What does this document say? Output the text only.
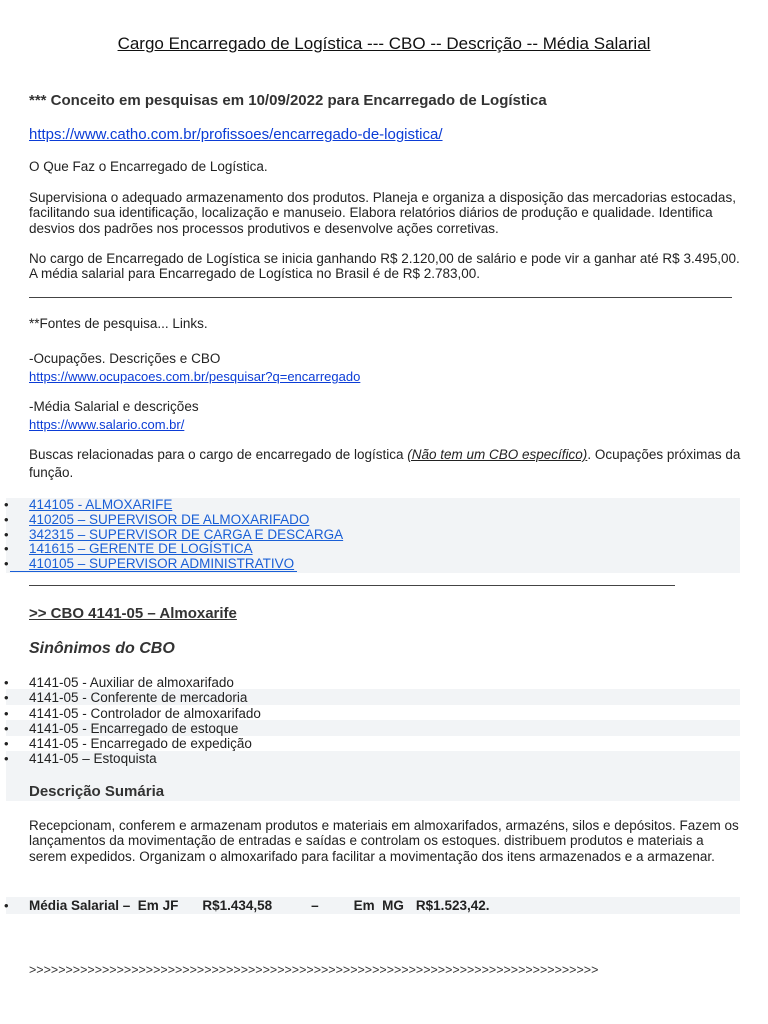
Cargo Encarregado de Logística --- CBO -- Descrição -- Média Salarial
*** Conceito em pesquisas em 10/09/2022 para Encarregado de Logística
https://www.catho.com.br/profissoes/encarregado-de-logistica/
O Que Faz o Encarregado de Logística.
Supervisiona o adequado armazenamento dos produtos. Planeja e organiza a disposição das mercadorias estocadas, facilitando sua identificação, localização e manuseio. Elabora relatórios diários de produção e qualidade. Identifica desvios dos padrões nos processos produtivos e desenvolve ações corretivas.
No cargo de Encarregado de Logística se inicia ganhando R$ 2.120,00 de salário e pode vir a ganhar até R$ 3.495,00. A média salarial para Encarregado de Logística no Brasil é de R$ 2.783,00.
**Fontes de pesquisa... Links.
-Ocupações. Descrições e CBO
https://www.ocupacoes.com.br/pesquisar?q=encarregado
-Média Salarial e descrições
https://www.salario.com.br/
Buscas relacionadas para o cargo de encarregado de logística (Não tem um CBO específico). Ocupações próximas da função.
• 414105 - ALMOXARIFE
• 410205 – SUPERVISOR DE ALMOXARIFADO
• 342315 – SUPERVISOR DE CARGA E DESCARGA
• 141615 – GERENTE DE LOGÍSTICA
• 410105 – SUPERVISOR ADMINISTRATIVO
>> CBO 4141-05 – Almoxarife
Sinônimos do CBO
• 4141-05 - Auxiliar de almoxarifado
• 4141-05 - Conferente de mercadoria
• 4141-05 - Controlador de almoxarifado
• 4141-05 - Encarregado de estoque
• 4141-05 - Encarregado de expedição
• 4141-05 – Estoquista
Descrição Sumária
Recepcionam, conferem e armazenam produtos e materiais em almoxarifados, armazéns, silos e depósitos. Fazem os lançamentos da movimentação de entradas e saídas e controlam os estoques. distribuem produtos e materiais a serem expedidos. Organizam o almoxarifado para facilitar a movimentação dos itens armazenados e a armazenar.
• Média Salarial –  Em JF R$1.434,58	–	Em  MG R$1.523,42.
>>>>>>>>>>>>>>>>>>>>>>>>>>>>>>>>>>>>>>>>>>>>>>>>>>>>>>>>>>>>>>>>>>>>>>>>>>>>>>
